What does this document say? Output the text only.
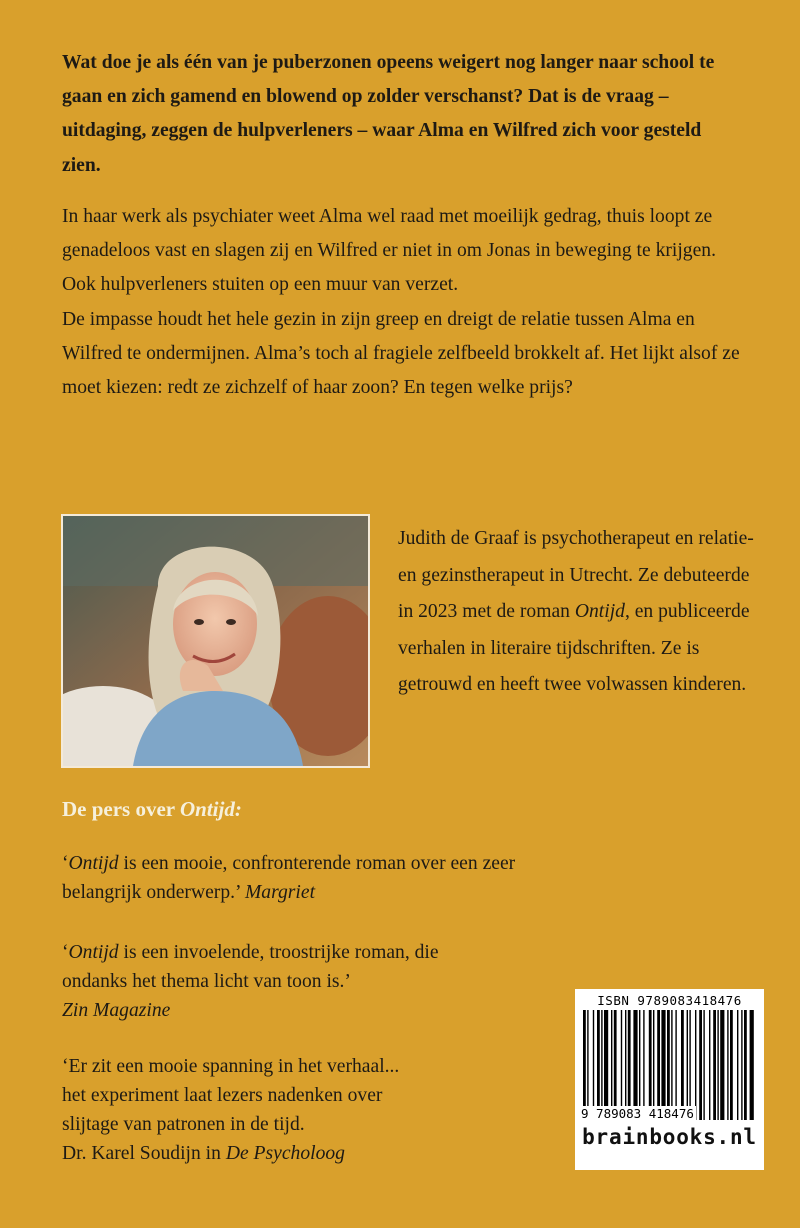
Wat doe je als één van je puberzonen opeens weigert nog langer naar school te gaan en zich gamend en blowend op zolder verschanst? Dat is de vraag – uitdaging, zeggen de hulpverleners – waar Alma en Wilfred zich voor gesteld zien.

In haar werk als psychiater weet Alma wel raad met moeilijk gedrag, thuis loopt ze genadeloos vast en slagen zij en Wilfred er niet in om Jonas in beweging te krijgen. Ook hulpverleners stuiten op een muur van verzet.

De impasse houdt het hele gezin in zijn greep en dreigt de relatie tussen Alma en Wilfred te ondermijnen. Alma’s toch al fragiele zelfbeeld brokkelt af. Het lijkt alsof ze moet kiezen: redt ze zichzelf of haar zoon? En tegen welke prijs?

Judith de Graaf is psychotherapeut en relatie- en gezinstherapeut in Utrecht. Ze debuteerde in 2023 met de roman Ontijd, en publiceerde verhalen in literaire tijdschriften. Ze is getrouwd en heeft twee volwassen kinderen.
De pers over Ontijd:

‘Ontijd is een mooie, confronterende roman over een zeer belangrijk onderwerp.’ Margriet

‘Ontijd is een invoelende, troostrijke roman, die ondanks het thema licht van toon is.’

Zin Magazine

‘Er zit een mooie spanning in het verhaal...

het experiment laat lezers nadenken over

slijtage van patronen in de tijd.

Dr. Karel Soudijn in De Psycholoog

ISBN 9789083418476
9 789083 418476
brainbooks.nl
